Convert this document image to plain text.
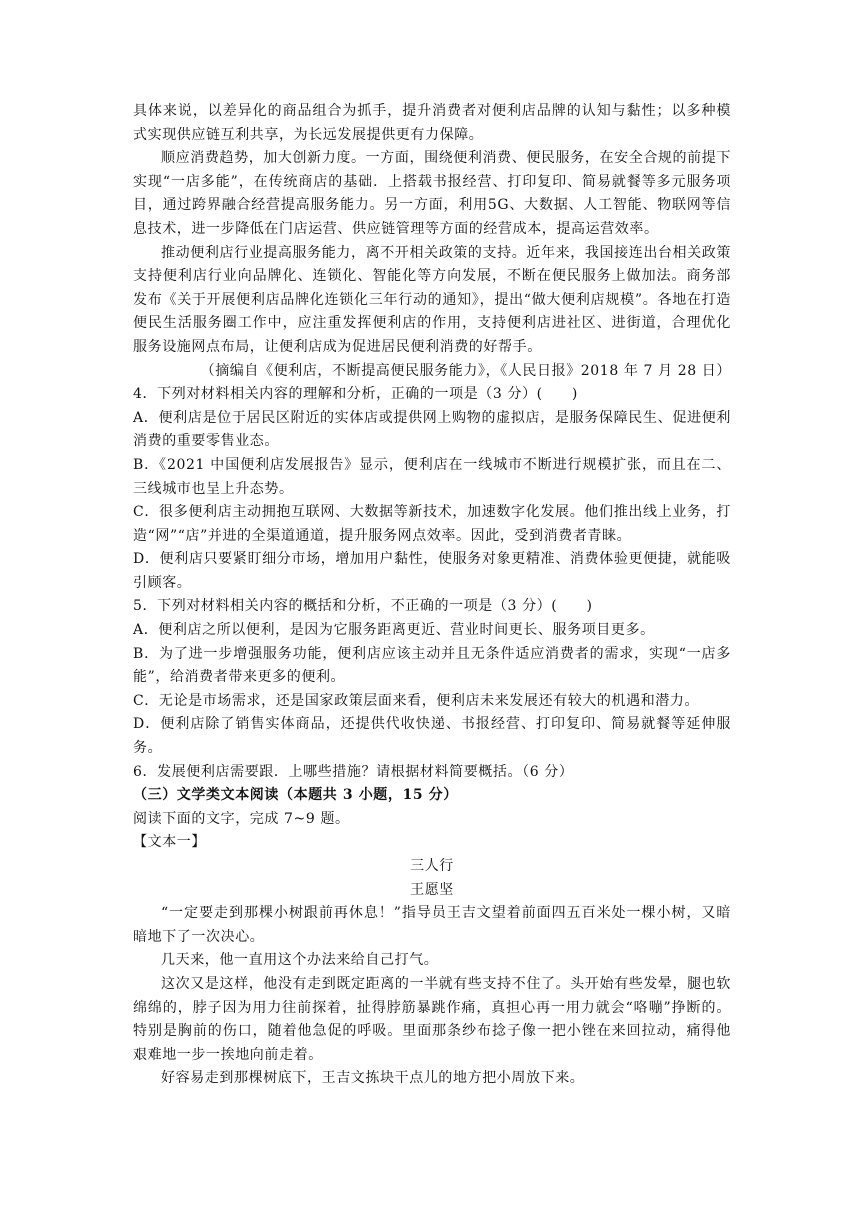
具体来说，以差异化的商品组合为抓手，提升消费者对便利店品牌的认知与黏性；以多种模式实现供应链互利共享，为长远发展提供更有力保障。

顺应消费趋势，加大创新力度。一方面，围绕便利消费、便民服务，在安全合规的前提下实现“一店多能”，在传统商店的基础．上搭载书报经营、打印复印、简易就餐等多元服务项目，通过跨界融合经营提高服务能力。另一方面，利用5G、大数据、人工智能、物联网等信息技术，进一步降低在门店运营、供应链管理等方面的经营成本，提高运营效率。

推动便利店行业提高服务能力，离不开相关政策的支持。近年来，我国接连出台相关政策支持便利店行业向品牌化、连锁化、智能化等方向发展，不断在便民服务上做加法。商务部发布《关于开展便利店品牌化连锁化三年行动的通知》，提出“做大便利店规模”。各地在打造便民生活服务圈工作中，应注重发挥便利店的作用，支持便利店进社区、进街道，合理优化服务设施网点布局，让便利店成为促进居民便利消费的好帮手。

（摘编自《便利店，不断提高便民服务能力》，《人民日报》2018 年 7 月 28 日）

4．下列对材料相关内容的理解和分析，正确的一项是（3 分）(　　)

A．便利店是位于居民区附近的实体店或提供网上购物的虚拟店，是服务保障民生、促进便利消费的重要零售业态。

B．《2021 中国便利店发展报告》显示，便利店在一线城市不断进行规模扩张，而且在二、三线城市也呈上升态势。

C．很多便利店主动拥抱互联网、大数据等新技术，加速数字化发展。他们推出线上业务，打造“网”“店”并进的全渠道通道，提升服务网点效率。因此，受到消费者青睐。

D．便利店只要紧盯细分市场，增加用户黏性，使服务对象更精准、消费体验更便捷，就能吸引顾客。

5．下列对材料相关内容的概括和分析，不正确的一项是（3 分）(　　)

A．便利店之所以便利，是因为它服务距离更近、营业时间更长、服务项目更多。

B．为了进一步增强服务功能，便利店应该主动并且无条件适应消费者的需求，实现“一店多能”，给消费者带来更多的便利。

C．无论是市场需求，还是国家政策层面来看，便利店未来发展还有较大的机遇和潜力。

D．便利店除了销售实体商品，还提供代收快递、书报经营、打印复印、简易就餐等延伸服务。

6．发展便利店需要跟．上哪些措施？请根据材料简要概括。（6 分）

（三）文学类文本阅读（本题共 3 小题，15 分）

阅读下面的文字，完成 7~9 题。

【文本一】

三人行

王愿坚

“一定要走到那棵小树跟前再休息！”指导员王吉文望着前面四五百米处一棵小树，又暗暗地下了一次决心。

几天来，他一直用这个办法来给自己打气。

这次又是这样，他没有走到既定距离的一半就有些支持不住了。头开始有些发晕，腿也软绵绵的，脖子因为用力往前探着，扯得脖筋暴跳作痛，真担心再一用力就会“咯嘣”挣断的。特别是胸前的伤口，随着他急促的呼吸。里面那条纱布捻子像一把小锉在来回拉动，痛得他艰难地一步一挨地向前走着。

好容易走到那棵树底下，王吉文拣块干点儿的地方把小周放下来。
